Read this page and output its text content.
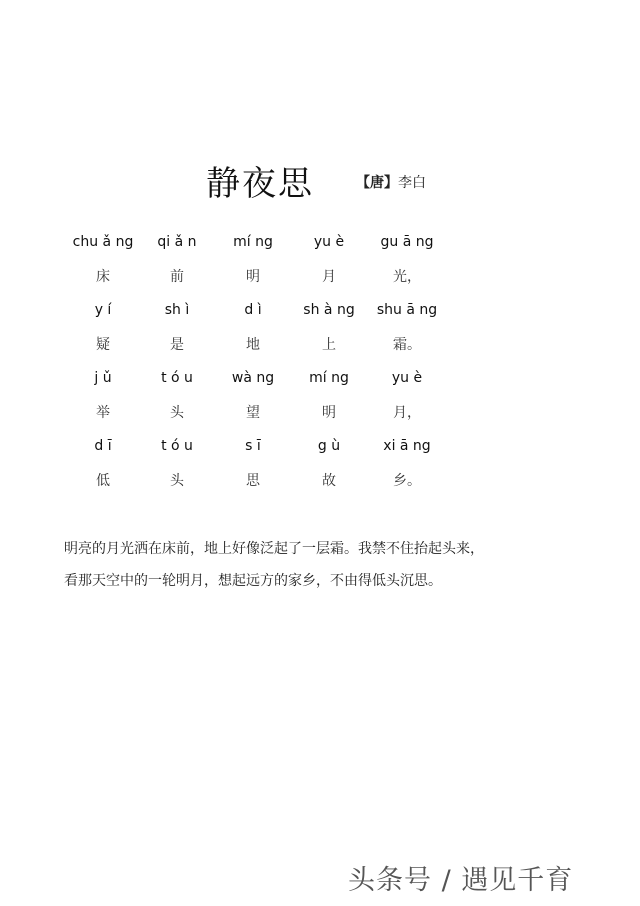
静夜思	【唐】李白
chu ǎ ng	qi ǎ n	mí ng	yu è	gu ā ng
床	前	明	月	光，
y í	sh ì	d ì	sh à ng	shu ā ng
疑	是	地	上	霜。
j ǔ	t ó u	wà ng	mí ng	yu è
举	头	望	明	月，
d ī	t ó u	s ī	g ù	xi ā ng
低	头	思	故	乡。

明亮的月光洒在床前，地上好像泛起了一层霜。我禁不住抬起头来，

看那天空中的一轮明月，想起远方的家乡，不由得低头沉思。

头条号 / 遇见千育
